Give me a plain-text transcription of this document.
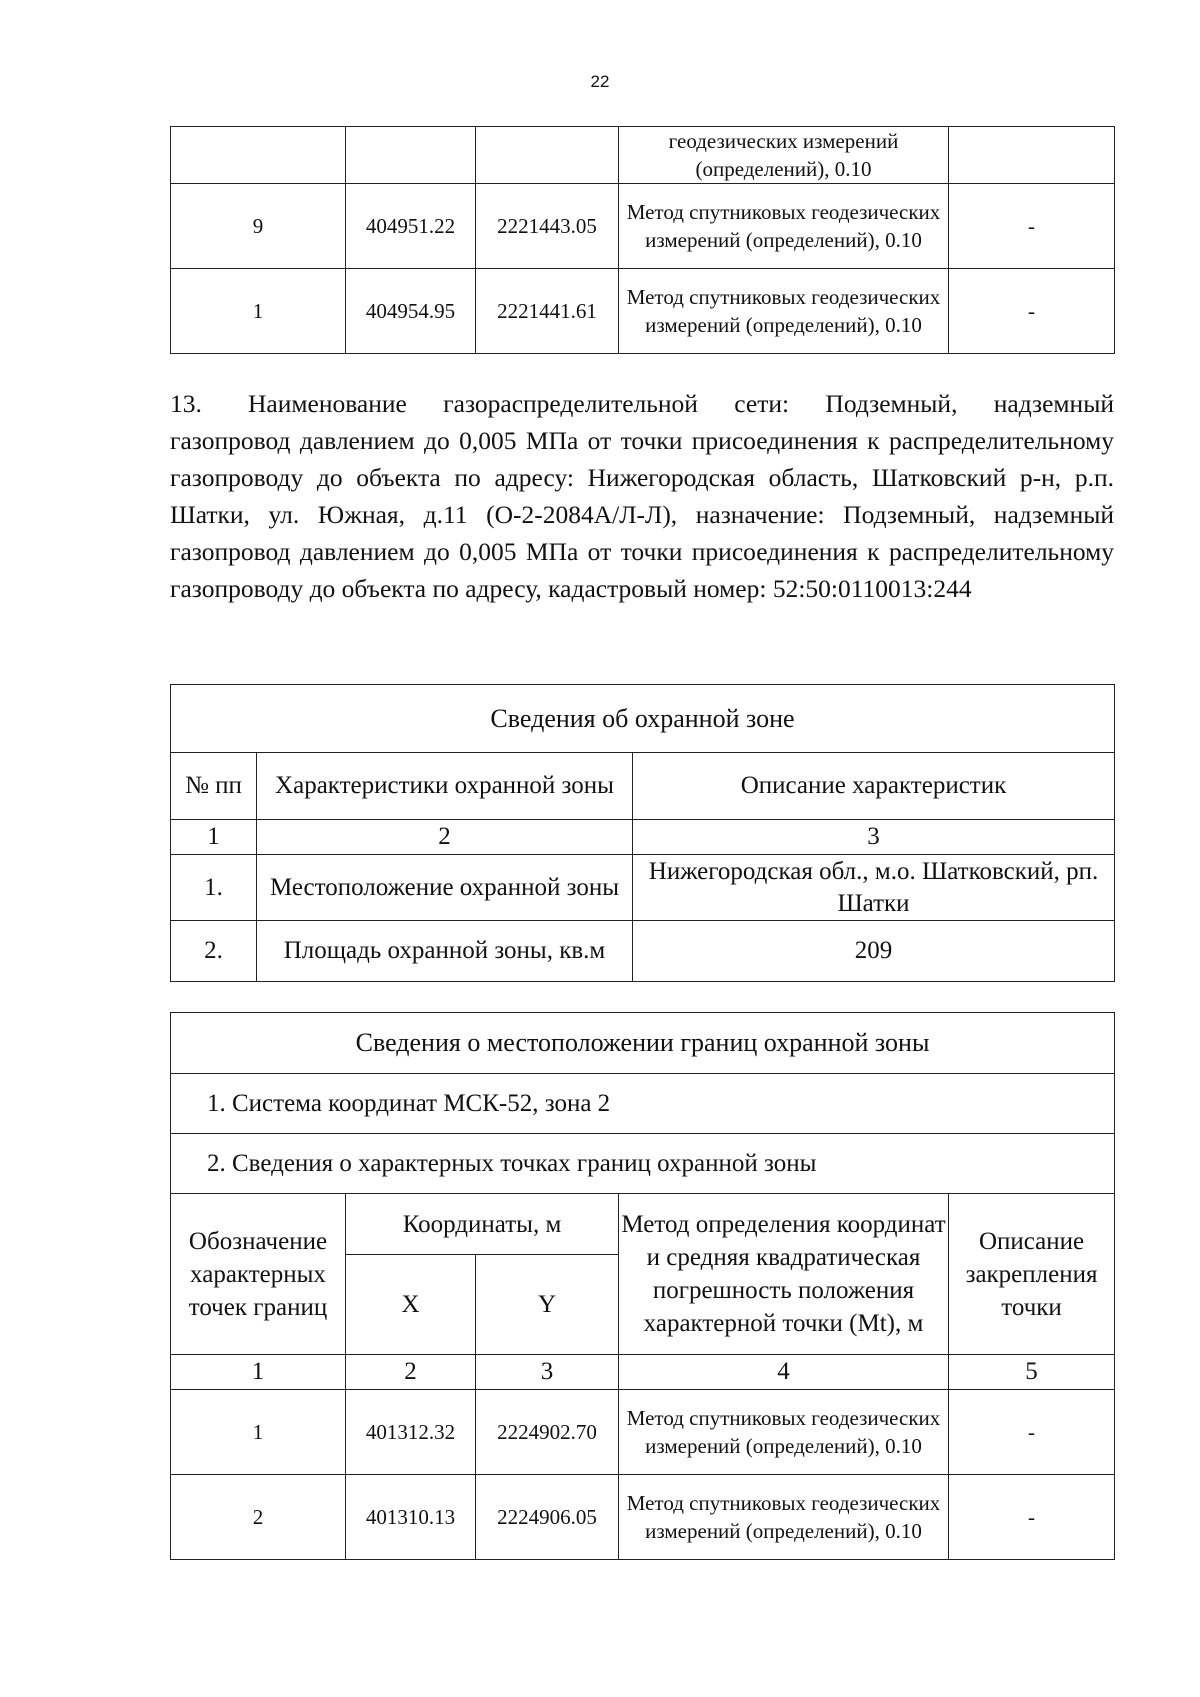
22
			геодезических измерений (определений), 0.10	
9	404951.22	2221443.05	Метод спутниковых геодезических измерений (определений), 0.10	-
1	404954.95	2221441.61	Метод спутниковых геодезических измерений (определений), 0.10	-
13. Наименование газораспределительной сети: Подземный, надземный газопровод давлением до 0,005 МПа от точки присоединения к распределительному газопроводу до объекта по адресу: Нижегородская область, Шатковский р-н, р.п. Шатки, ул. Южная, д.11 (О-2-2084А/Л-Л), назначение: Подземный, надземный газопровод давлением до 0,005 МПа от точки присоединения к распределительному газопроводу до объекта по адресу, кадастровый номер: 52:50:0110013:244
Сведения об охранной зоне		
№ пп	Характеристики охранной зоны	Описание характеристик
1	2	3
1.	Местоположение охранной зоны	Нижегородская обл., м.о. Шатковский, рп. Шатки
2.	Площадь охранной зоны, кв.м	209
Сведения о местоположении границ охранной зоны				
1. Система координат МСК-52, зона 2				
2. Сведения о характерных точках границ охранной зоны				
Обозначение характерных точек границ	Координаты, м		Метод определения координат и средняя квадратическая погрешность положения характерной точки (Mt), м	Описание закрепления точки
	X	Y		
1	2	3	4	5
1	401312.32	2224902.70	Метод спутниковых геодезических измерений (определений), 0.10	-
2	401310.13	2224906.05	Метод спутниковых геодезических измерений (определений), 0.10	-
